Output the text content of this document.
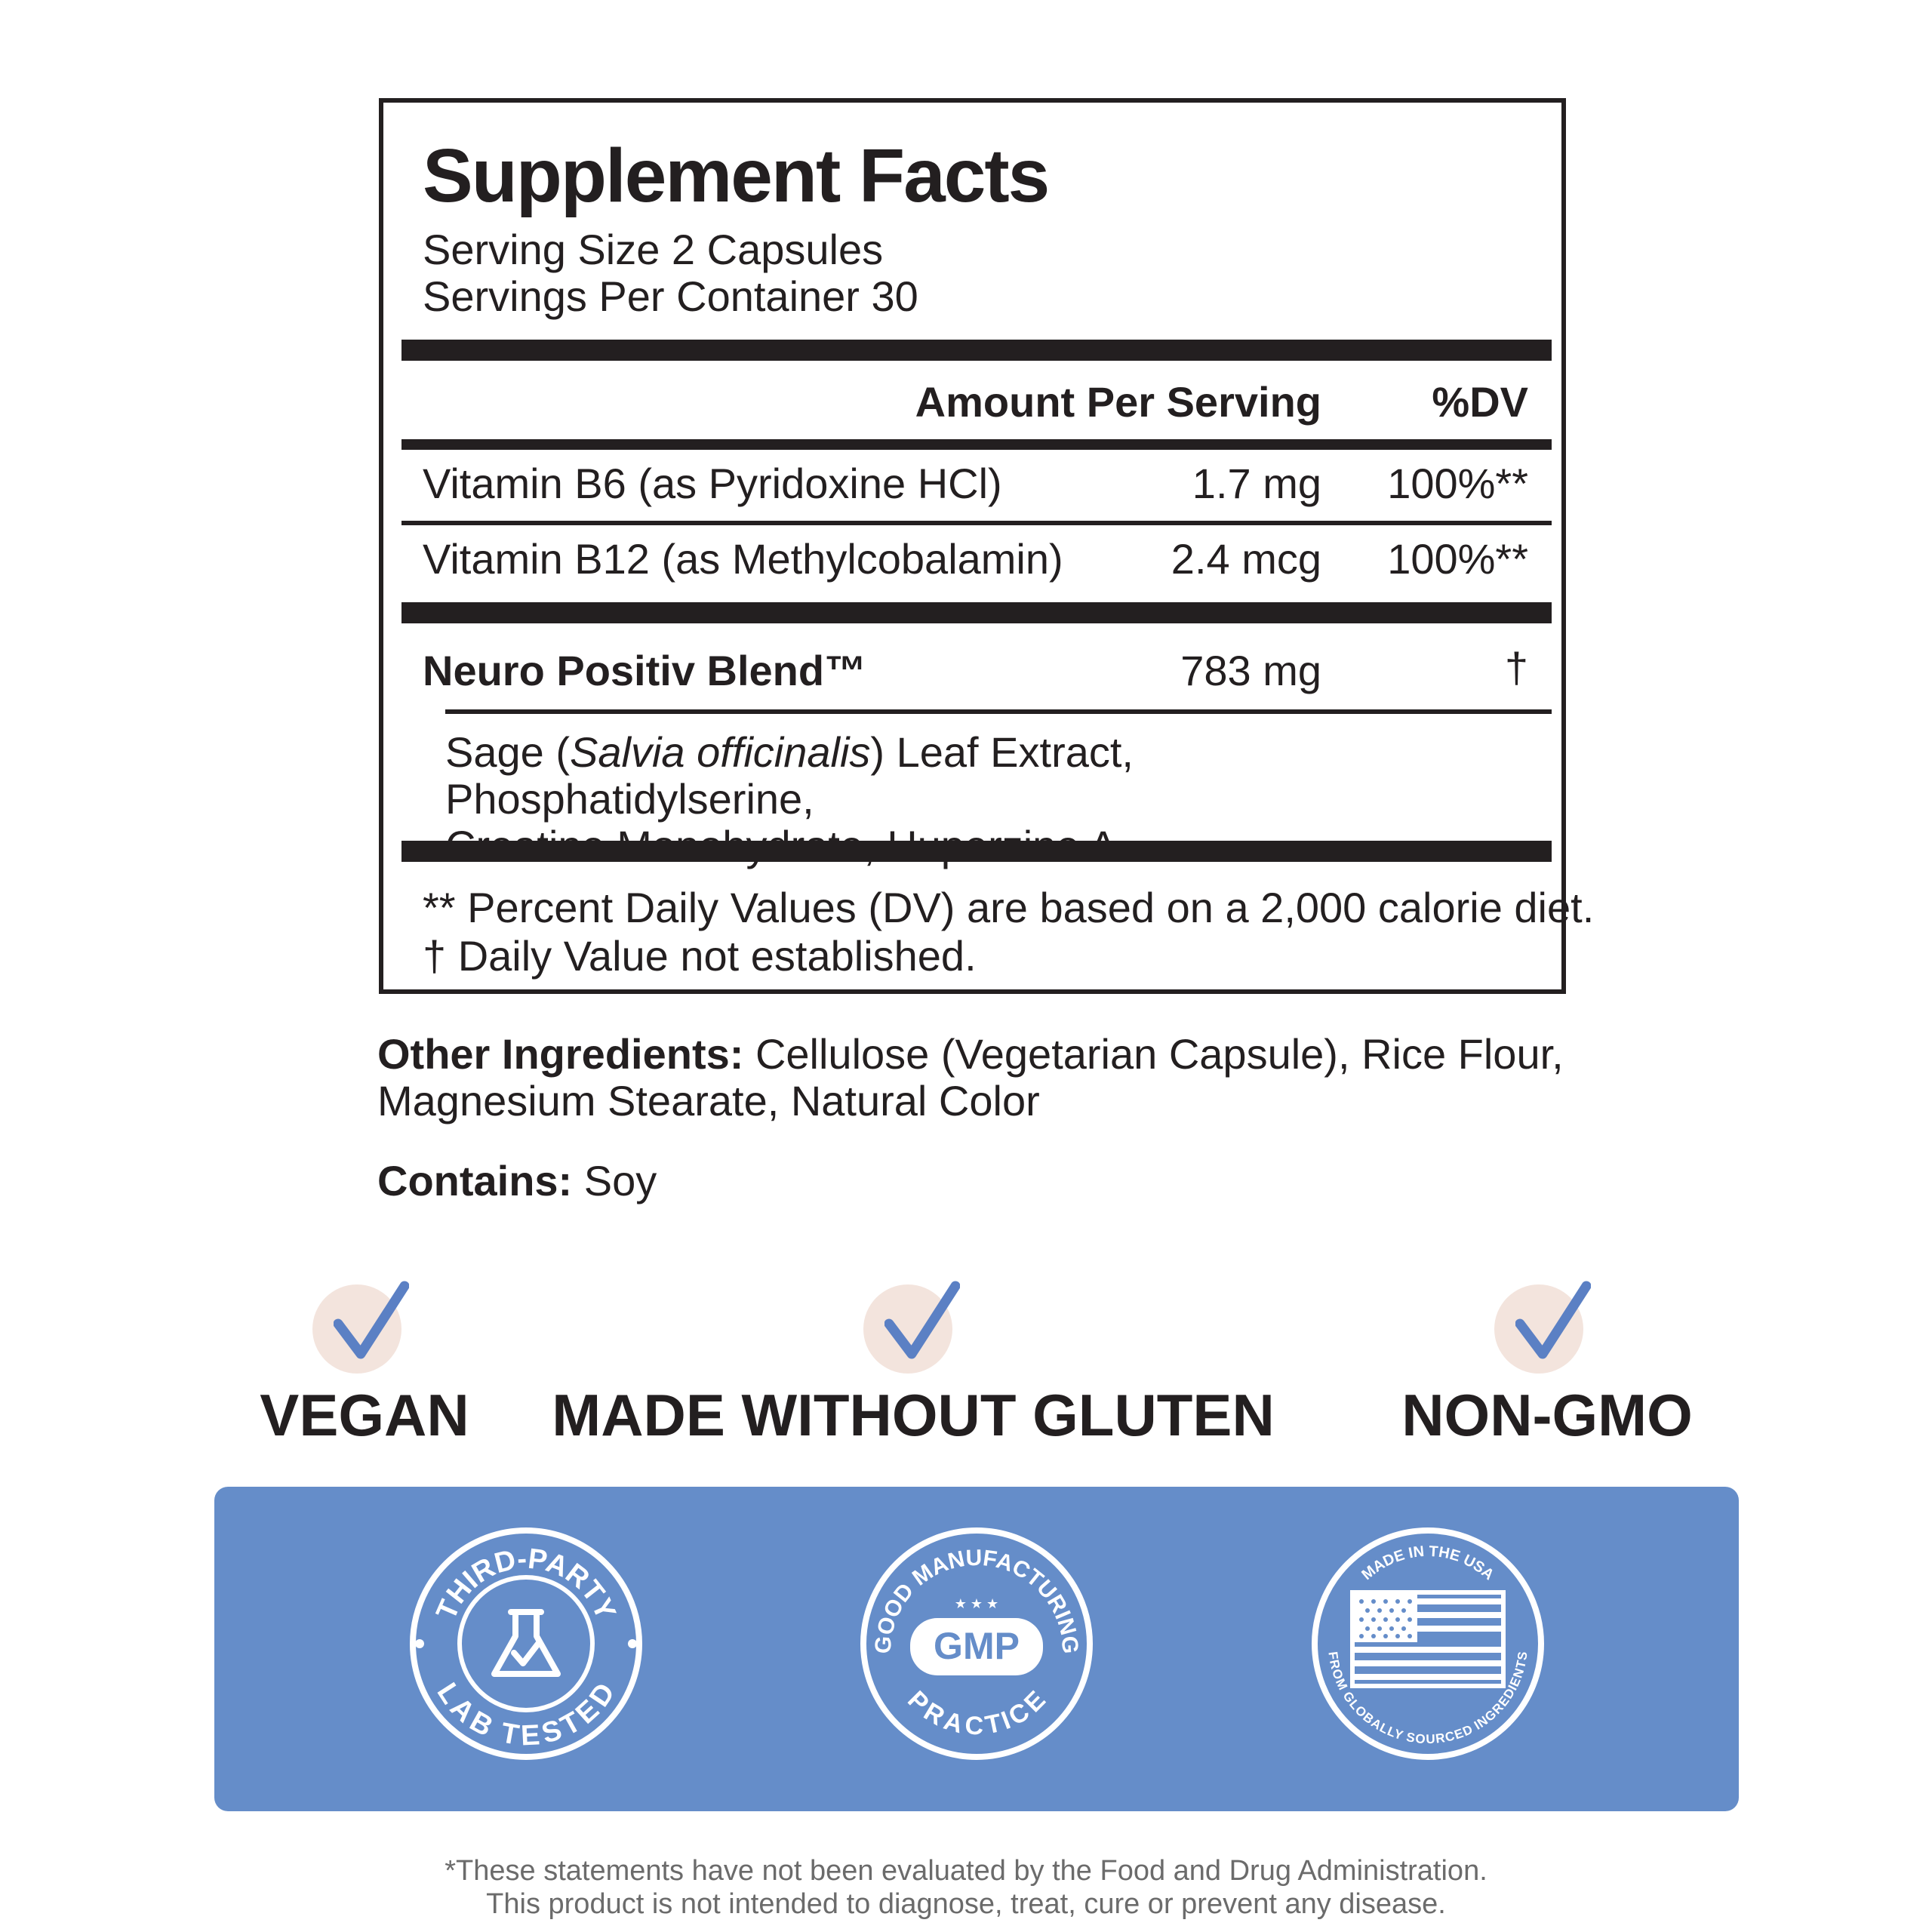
Supplement Facts
Serving Size 2 Capsules
Servings Per Container 30
Amount Per Serving	%DV
Vitamin B6 (as Pyridoxine HCl)	1.7 mg 100%**
Vitamin B12 (as Methylcobalamin)	2.4 mcg 100%**
Neuro Positiv Blend™	783 mg	†
Sage (Salvia officinalis) Leaf Extract, Phosphatidylserine,

** Percent Daily Values (DV) are based on a 2,000 calorie diet.
† Daily Value not established.
Other Ingredients: Cellulose (Vegetarian Capsule), Rice Flour,
Magnesium Stearate, Natural Color
Contains: Soy
VEGAN	MADE WITHOUT GLUTEN	NON-GMO
THIRD-PARTY
LAB TESTED
GOOD MANUFACTURING
PRACTICE
★ ★ ★
GMP
MADE IN THE USA
FROM GLOBALLY SOURCED INGREDIENTS
*These statements have not been evaluated by the Food and Drug Administration.
This product is not intended to diagnose, treat, cure or prevent any disease.
